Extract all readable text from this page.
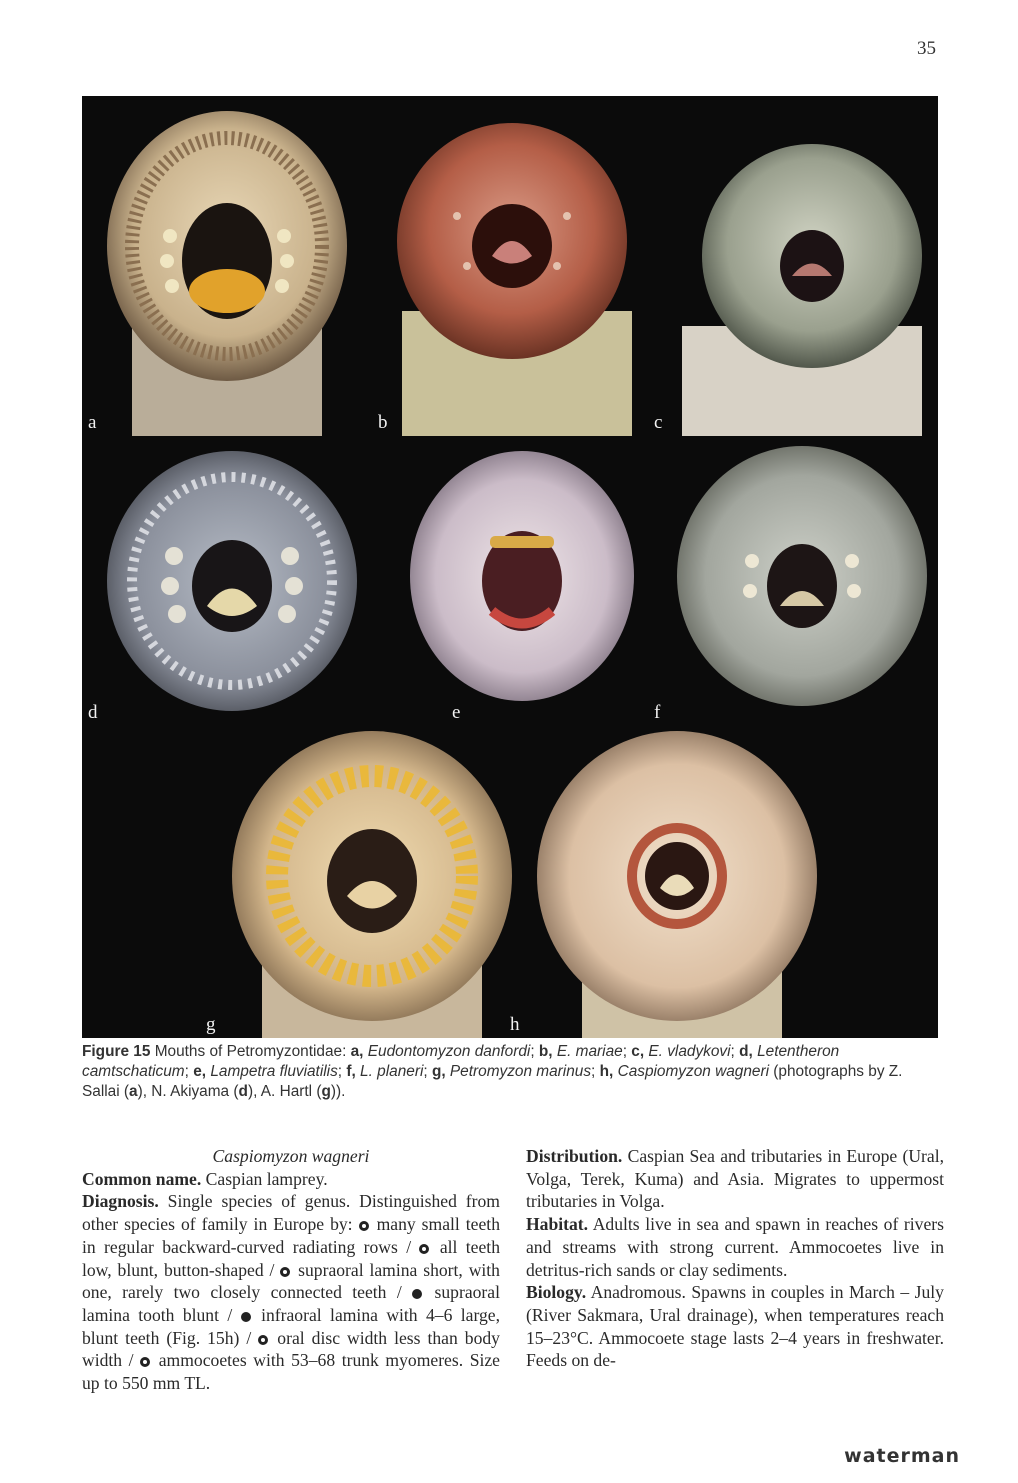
35
a	b	c
d	e	f
g	h
Figure 15 Mouths of Petromyzontidae: a, Eudontomyzon danfordi; b, E. mariae; c, E. vladykovi; d, Letentheron camtschaticum; e, Lampetra fluviatilis; f, L. planeri; g, Petromyzon marinus; h, Caspiomyzon wagneri (photographs by Z. Sallai (a), N. Akiyama (d), A. Hartl (g)).

Caspiomyzon wagneri

Common name. Caspian lamprey.

Diagnosis. Single species of genus. Distinguished from other species of family in Europe by: many small teeth in regular backward-curved radiating rows / all teeth low, blunt, button-shaped / supraoral lamina short, with one, rarely two closely connected teeth / supraoral lamina tooth blunt / infraoral lamina with 4–6 large, blunt teeth (Fig. 15h) / oral disc width less than body width / ammocoetes with 53–68 trunk myomeres. Size up to 550 mm TL.

Distribution. Caspian Sea and tributaries in Europe (Ural, Volga, Terek, Kuma) and Asia. Migrates to uppermost tributaries in Volga.

Habitat. Adults live in sea and spawn in reaches of rivers and streams with strong current. Ammocoetes live in detritus-rich sands or clay sediments.

Biology. Anadromous. Spawns in couples in March – July (River Sakmara, Ural drainage), when temperatures reach 15–23°C. Ammocoete stage lasts 2–4 years in freshwater. Feeds on de-

waterman
